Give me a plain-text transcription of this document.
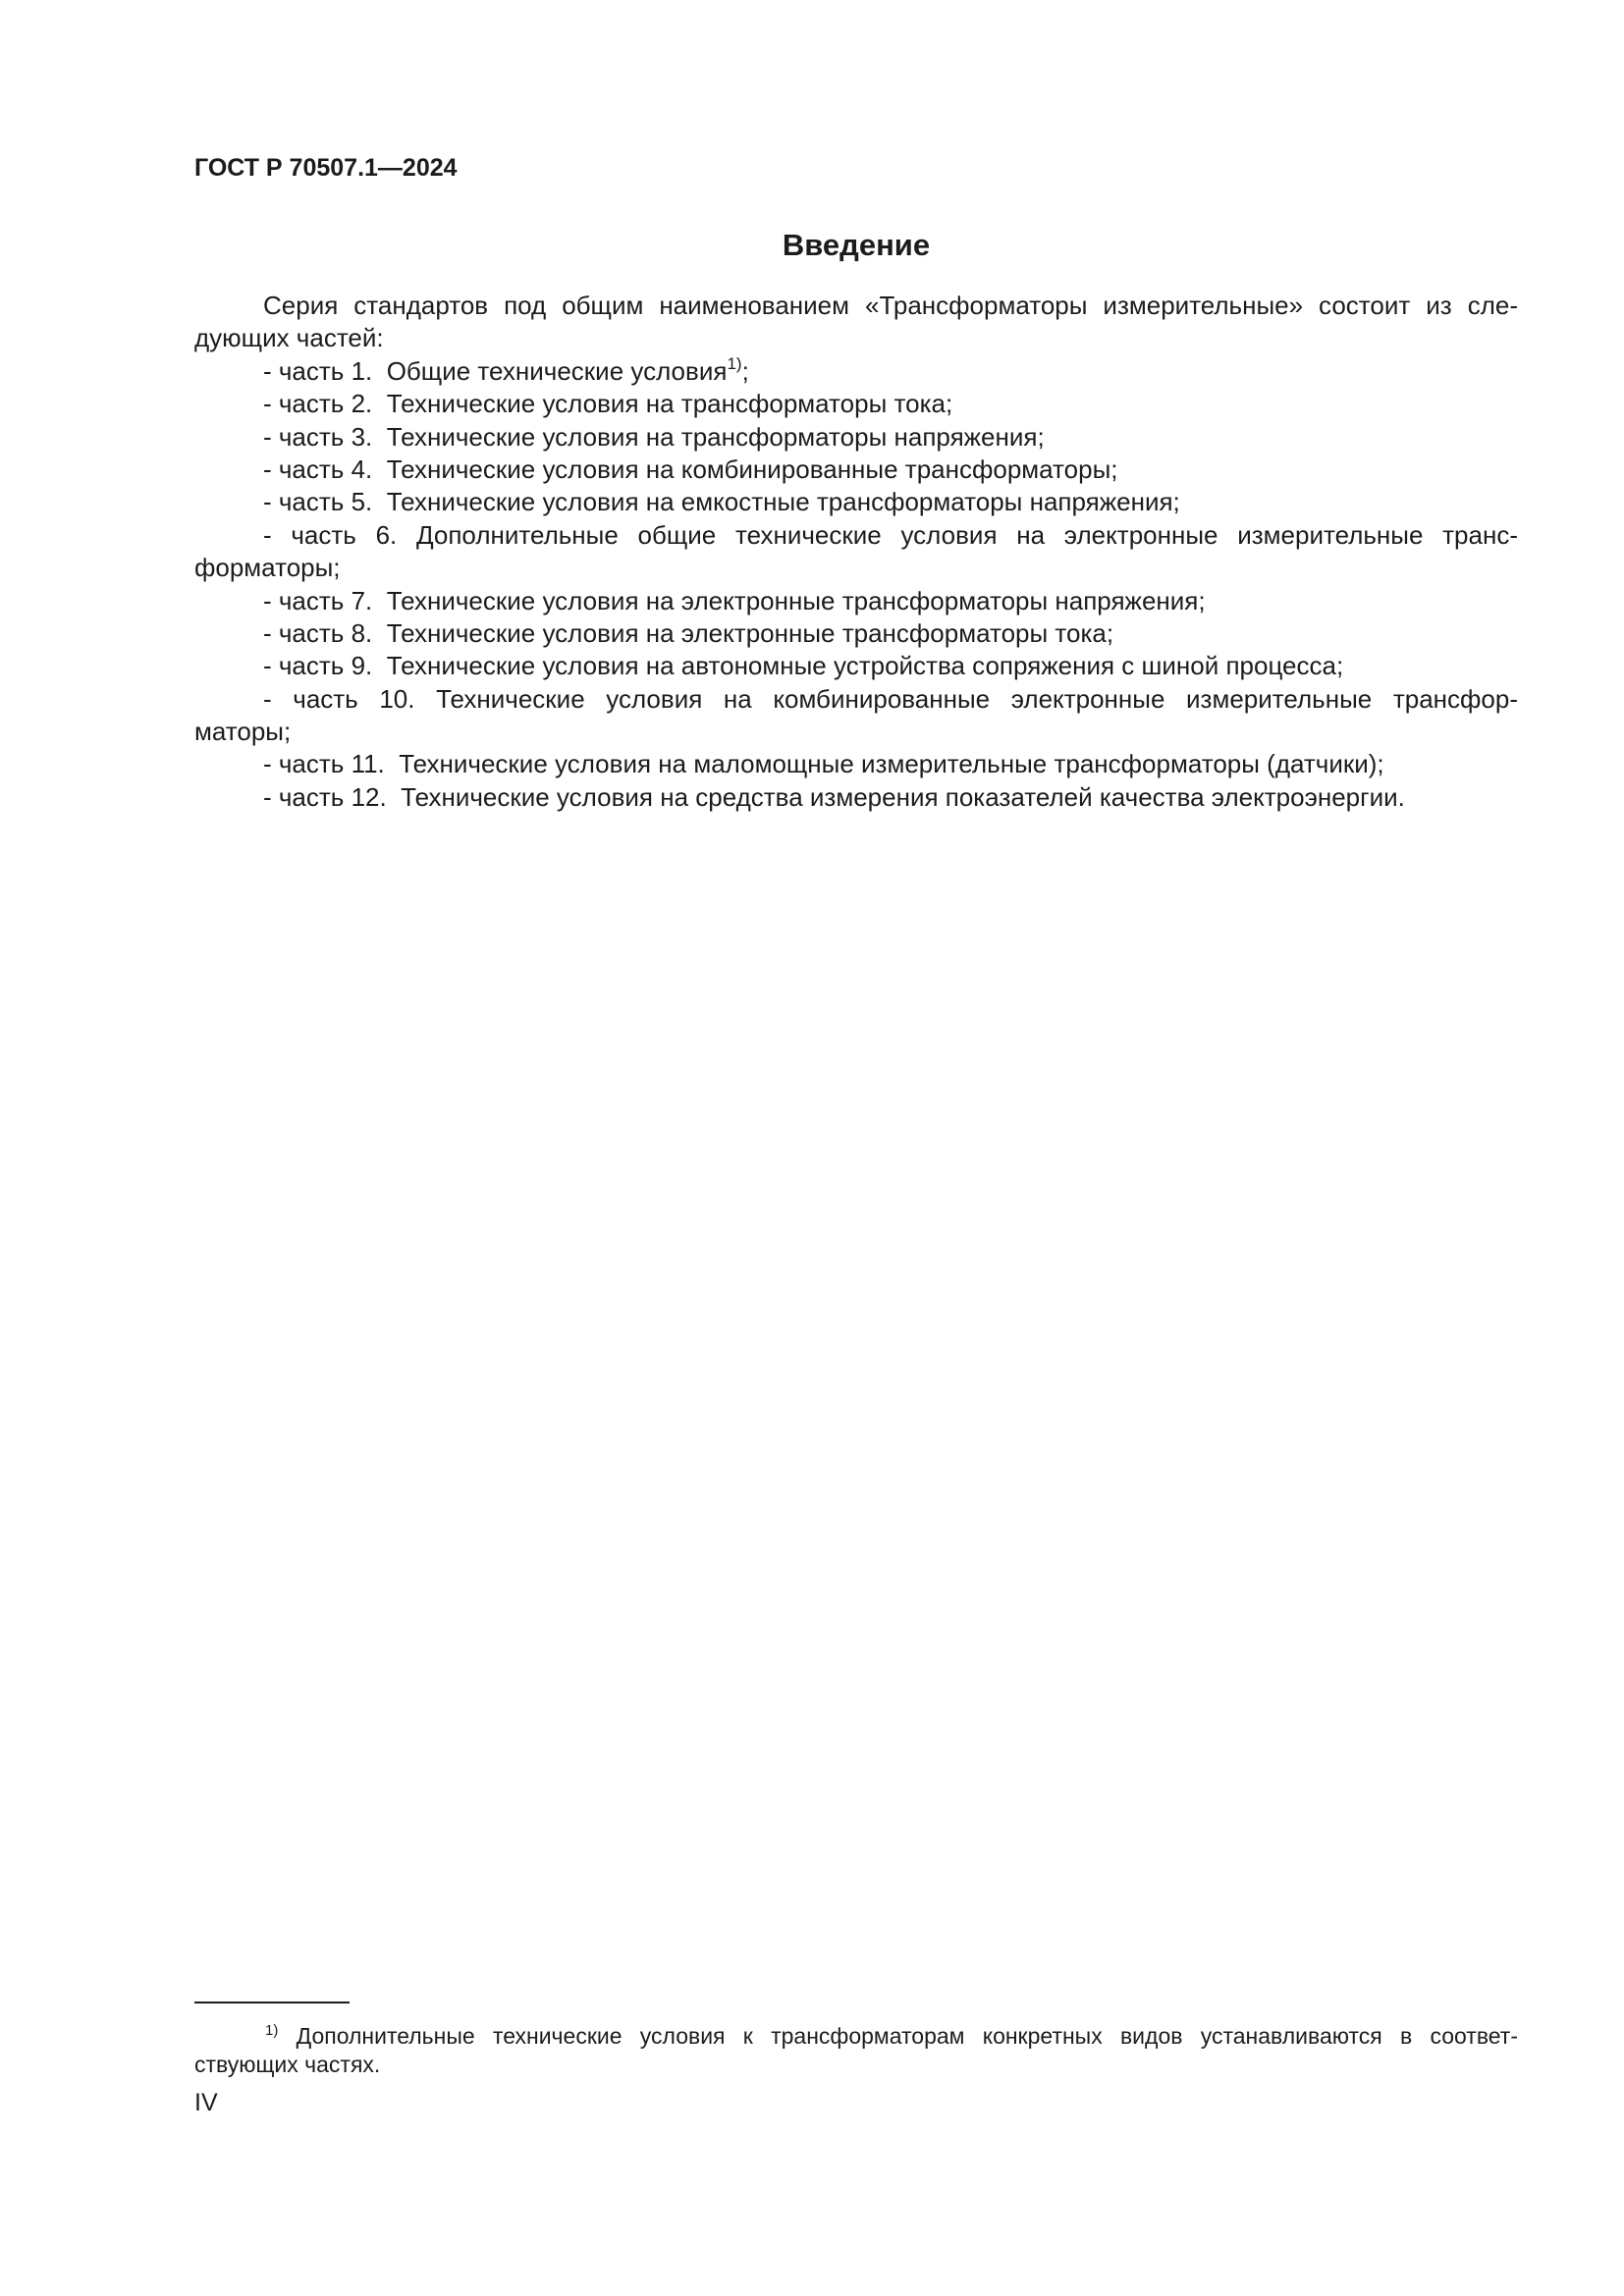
ГОСТ Р 70507.1—2024
Введение

Серия стандартов под общим наименованием «Трансформаторы измерительные» состоит из сле-
дующих частей:

- часть 1.  Общие технические условия$^{1)}$;

- часть 2.  Технические условия на трансформаторы тока;

- часть 3.  Технические условия на трансформаторы напряжения;

- часть 4.  Технические условия на комбинированные трансформаторы;

- часть 5.  Технические условия на емкостные трансформаторы напряжения;

- часть 6. Дополнительные общие технические условия на электронные измерительные транс-
форматоры;

- часть 7.  Технические условия на электронные трансформаторы напряжения;

- часть 8.  Технические условия на электронные трансформаторы тока;

- часть 9.  Технические условия на автономные устройства сопряжения с шиной процесса;

- часть 10. Технические условия на комбинированные электронные измерительные трансфор-
маторы;

- часть 11.  Технические условия на маломощные измерительные трансформаторы (датчики);

- часть 12.  Технические условия на средства измерения показателей качества электроэнергии.

$^{1)}$ Дополнительные технические условия к трансформаторам конкретных видов устанавливаются в соответ-
ствующих частях.
IV
